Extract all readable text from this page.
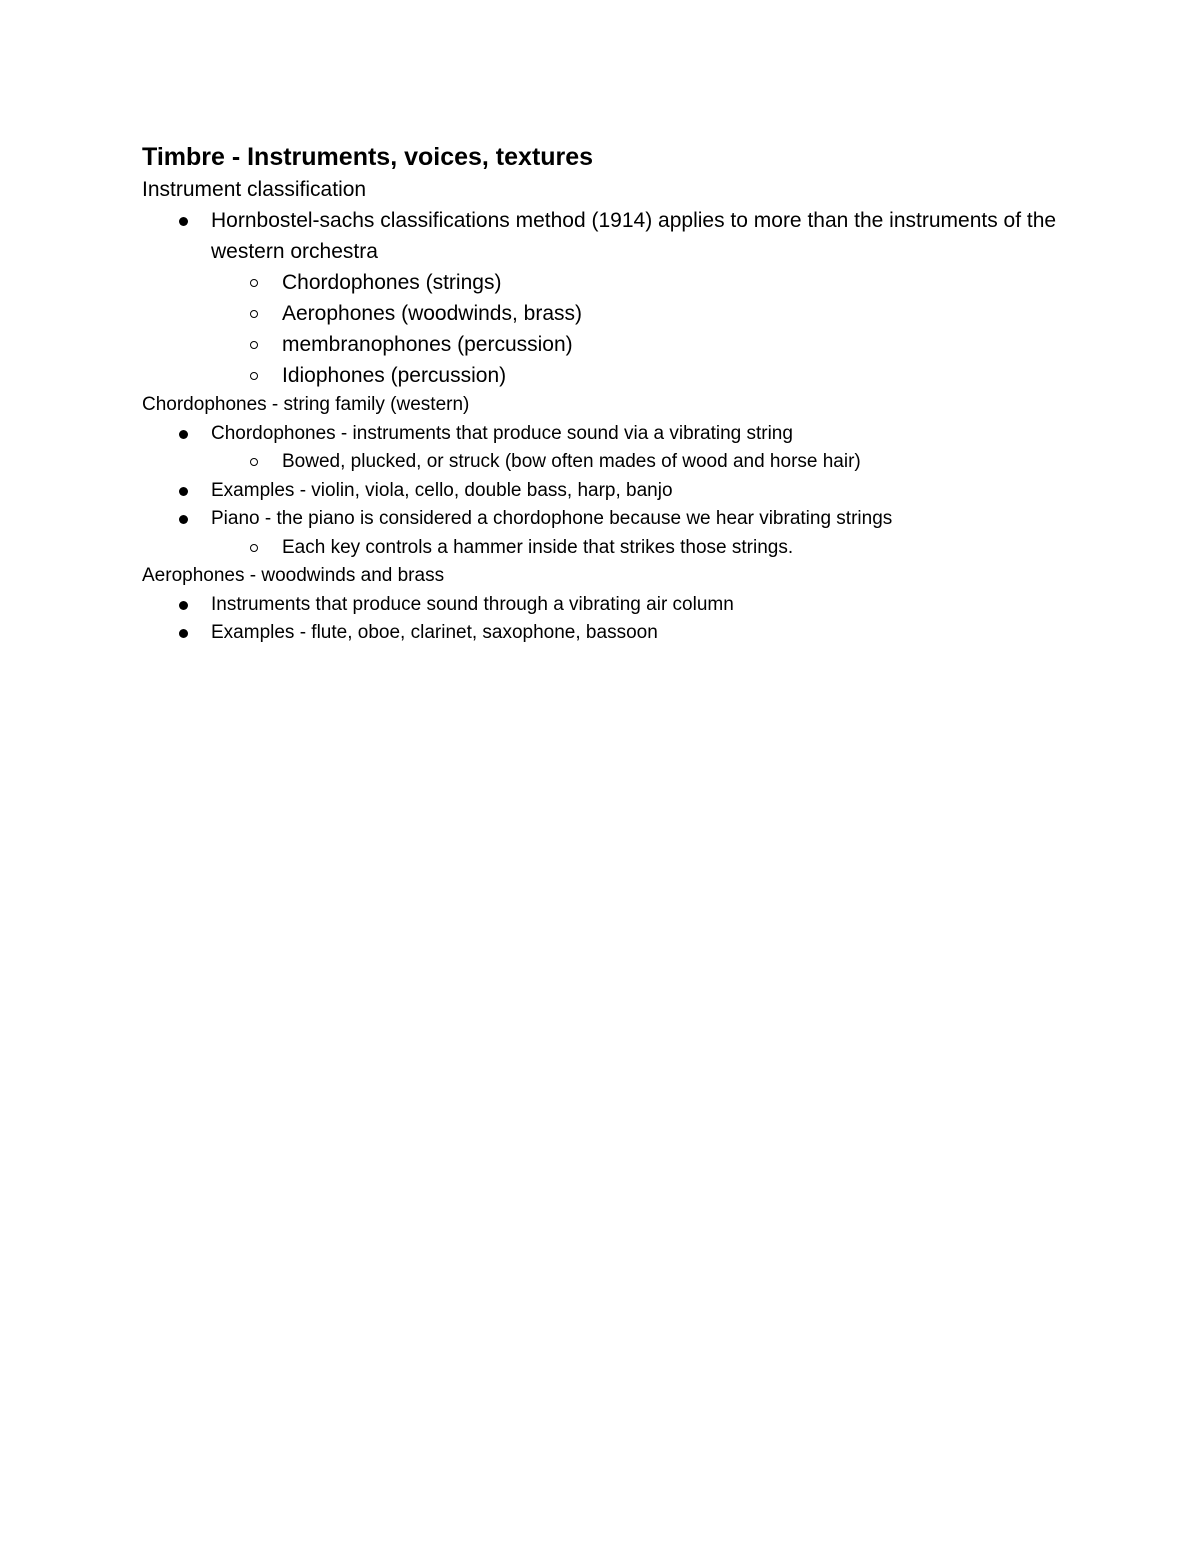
Timbre - Instruments, voices, textures

Instrument classification

Hornbostel-sachs classifications method (1914) applies to more than the instruments of the western orchestra
Chordophones (strings)
Aerophones (woodwinds, brass)
membranophones (percussion)
Idiophones (percussion)

Chordophones - string family (western)

Chordophones - instruments that produce sound via a vibrating string
Bowed, plucked, or struck (bow often mades of wood and horse hair)
Examples - violin, viola, cello, double bass, harp, banjo
Piano - the piano is considered a chordophone because we hear vibrating strings
Each key controls a hammer inside that strikes those strings.

Aerophones - woodwinds and brass

Instruments that produce sound through a vibrating air column
Examples - flute, oboe, clarinet, saxophone, bassoon
